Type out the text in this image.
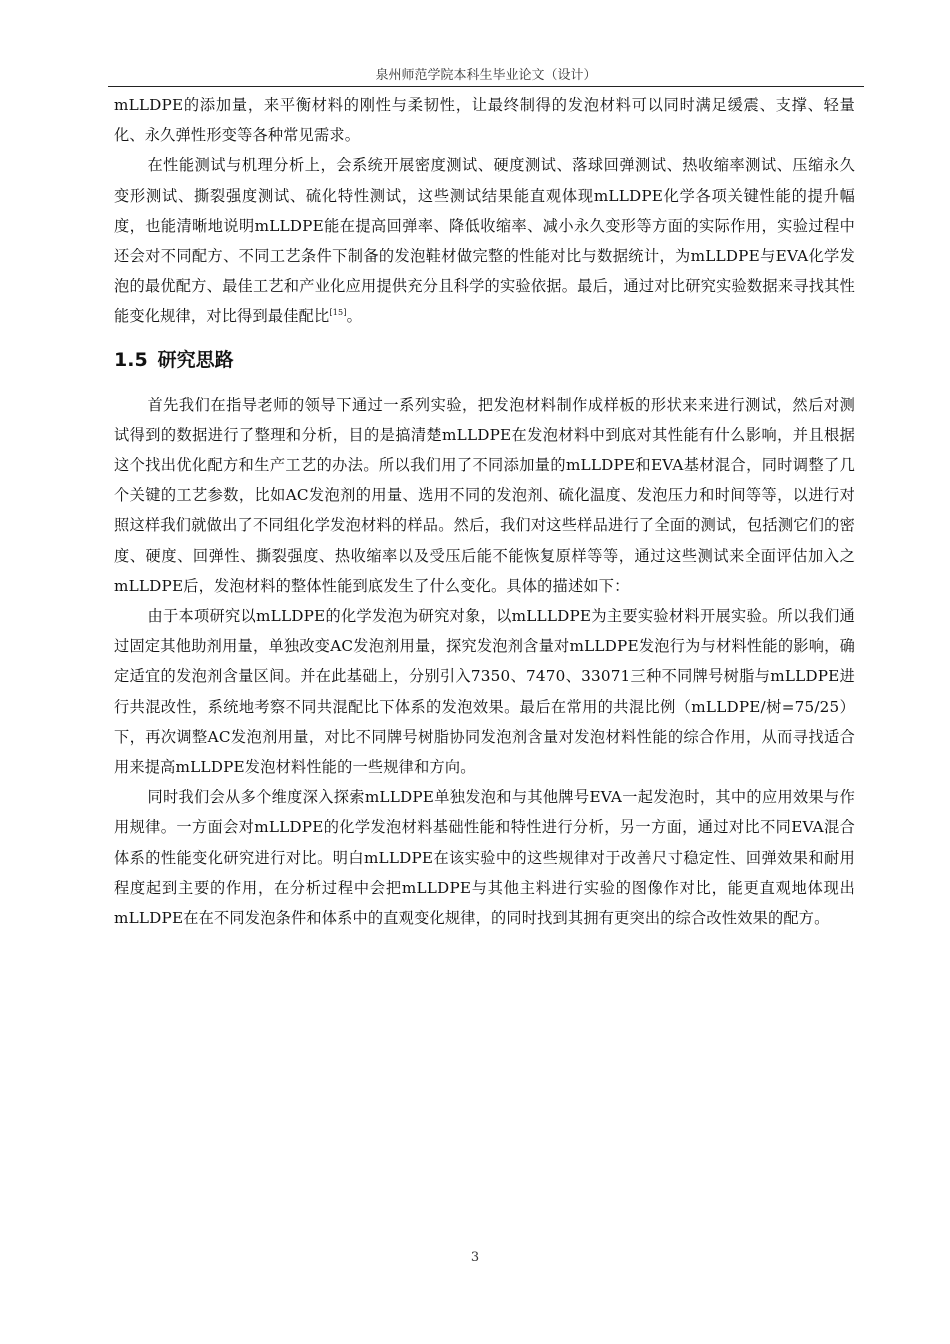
泉州师范学院本科生毕业论文（设计）

mLLDPE的添加量，来平衡材料的刚性与柔韧性，让最终制得的发泡材料可以同时满足缓震、支撑、轻量化、永久弹性形变等各种常见需求。

在性能测试与机理分析上，会系统开展密度测试、硬度测试、落球回弹测试、热收缩率测试、压缩永久变形测试、撕裂强度测试、硫化特性测试，这些测试结果能直观体现mLLDPE化学各项关键性能的提升幅度，也能清晰地说明mLLDPE能在提高回弹率、降低收缩率、减小永久变形等方面的实际作用，实验过程中还会对不同配方、不同工艺条件下制备的发泡鞋材做完整的性能对比与数据统计，为mLLDPE与EVA化学发泡的最优配方、最佳工艺和产业化应用提供充分且科学的实验依据。最后，通过对比研究实验数据来寻找其性能变化规律，对比得到最佳配比[15]。

1.5 研究思路

首先我们在指导老师的领导下通过一系列实验，把发泡材料制作成样板的形状来来进行测试，然后对测试得到的数据进行了整理和分析，目的是搞清楚mLLDPE在发泡材料中到底对其性能有什么影响，并且根据这个找出优化配方和生产工艺的办法。所以我们用了不同添加量的mLLDPE和EVA基材混合，同时调整了几个关键的工艺参数，比如AC发泡剂的用量、选用不同的发泡剂、硫化温度、发泡压力和时间等等，以进行对照这样我们就做出了不同组化学发泡材料的样品。然后，我们对这些样品进行了全面的测试，包括测它们的密度、硬度、回弹性、撕裂强度、热收缩率以及受压后能不能恢复原样等等，通过这些测试来全面评估加入之mLLDPE后，发泡材料的整体性能到底发生了什么变化。具体的描述如下：

由于本项研究以mLLDPE的化学发泡为研究对象，以mLLLDPE为主要实验材料开展实验。所以我们通过固定其他助剂用量，单独改变AC发泡剂用量，探究发泡剂含量对mLLDPE发泡行为与材料性能的影响，确定适宜的发泡剂含量区间。并在此基础上，分别引入7350、7470、33071三种不同牌号树脂与mLLDPE进行共混改性，系统地考察不同共混配比下体系的发泡效果。最后在常用的共混比例（mLLDPE/树=75/25）下，再次调整AC发泡剂用量，对比不同牌号树脂协同发泡剂含量对发泡材料性能的综合作用，从而寻找适合用来提高mLLDPE发泡材料性能的一些规律和方向。

同时我们会从多个维度深入探索mLLDPE单独发泡和与其他牌号EVA一起发泡时，其中的应用效果与作用规律。一方面会对mLLDPE的化学发泡材料基础性能和特性进行分析，另一方面，通过对比不同EVA混合体系的性能变化研究进行对比。明白mLLDPE在该实验中的这些规律对于改善尺寸稳定性、回弹效果和耐用程度起到主要的作用，在分析过程中会把mLLDPE与其他主料进行实验的图像作对比，能更直观地体现出mLLDPE在在不同发泡条件和体系中的直观变化规律，的同时找到其拥有更突出的综合改性效果的配方。

3
